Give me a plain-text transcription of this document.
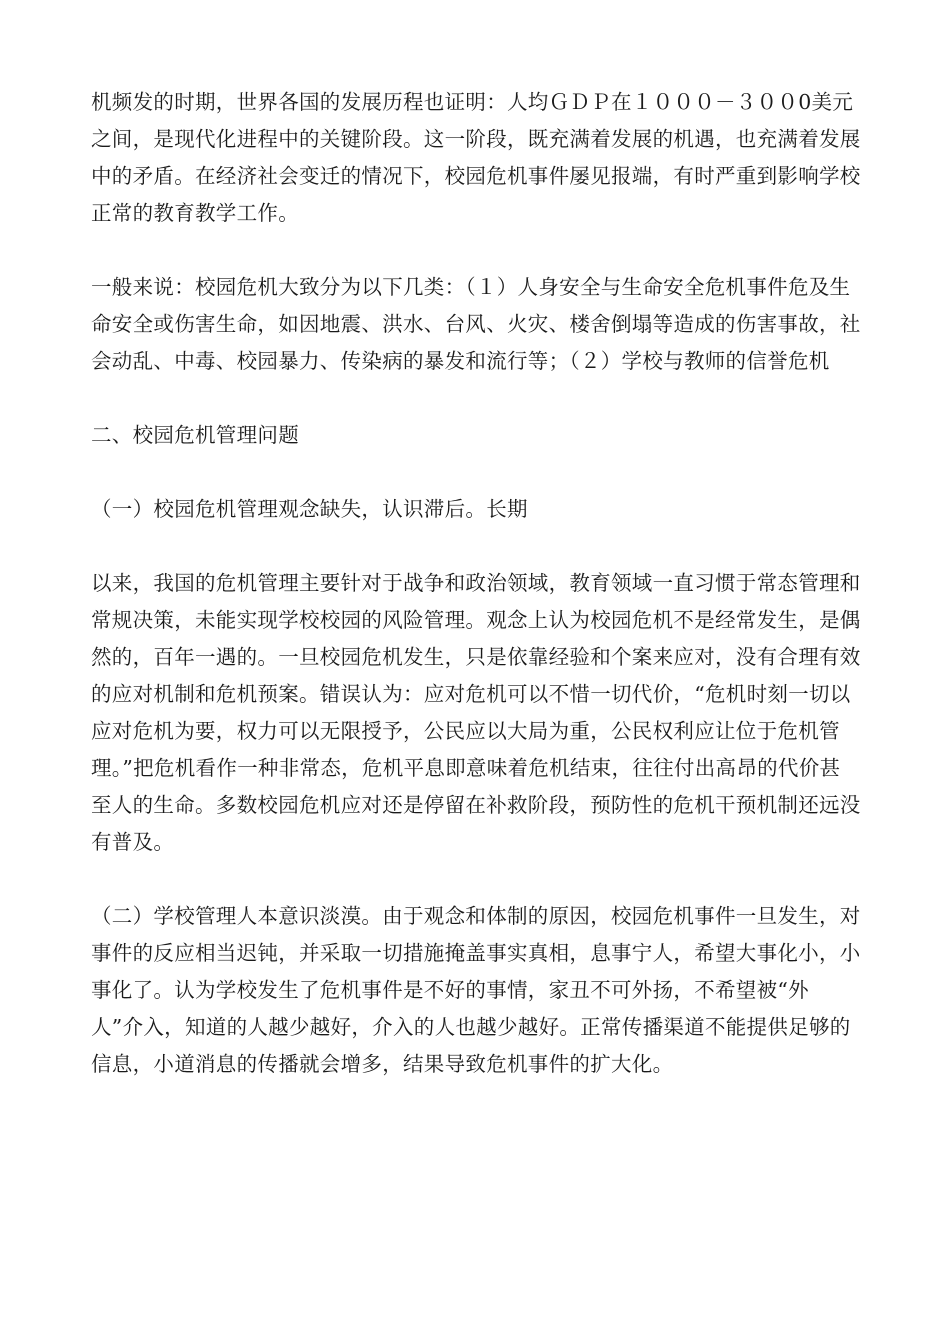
机频发的时期，世界各国的发展历程也证明：人均ＧＤＰ在１０００－３００0美元之间，是现代化进程中的关键阶段。这一阶段，既充满着发展的机遇，也充满着发展中的矛盾。在经济社会变迁的情况下，校园危机事件屡见报端，有时严重到影响学校正常的教育教学工作。

一般来说：校园危机大致分为以下几类：（１）人身安全与生命安全危机事件危及生命安全或伤害生命，如因地震、洪水、台风、火灾、楼舍倒塌等造成的伤害事故，社会动乱、中毒、校园暴力、传染病的暴发和流行等；（２）学校与教师的信誉危机

二、校园危机管理问题

（一）校园危机管理观念缺失，认识滞后。长期

以来，我国的危机管理主要针对于战争和政治领域，教育领域一直习惯于常态管理和常规决策，未能实现学校校园的风险管理。观念上认为校园危机不是经常发生，是偶然的，百年一遇的。一旦校园危机发生，只是依靠经验和个案来应对，没有合理有效的应对机制和危机预案。错误认为：应对危机可以不惜一切代价，“危机时刻一切以应对危机为要，权力可以无限授予，公民应以大局为重，公民权利应让位于危机管理。”把危机看作一种非常态，危机平息即意味着危机结束，往往付出高昂的代价甚至人的生命。多数校园危机应对还是停留在补救阶段，预防性的危机干预机制还远没有普及。

（二）学校管理人本意识淡漠。由于观念和体制的原因，校园危机事件一旦发生，对事件的反应相当迟钝，并采取一切措施掩盖事实真相，息事宁人，希望大事化小，小事化了。认为学校发生了危机事件是不好的事情，家丑不可外扬，不希望被“外人”介入，知道的人越少越好，介入的人也越少越好。正常传播渠道不能提供足够的信息，小道消息的传播就会增多，结果导致危机事件的扩大化。
